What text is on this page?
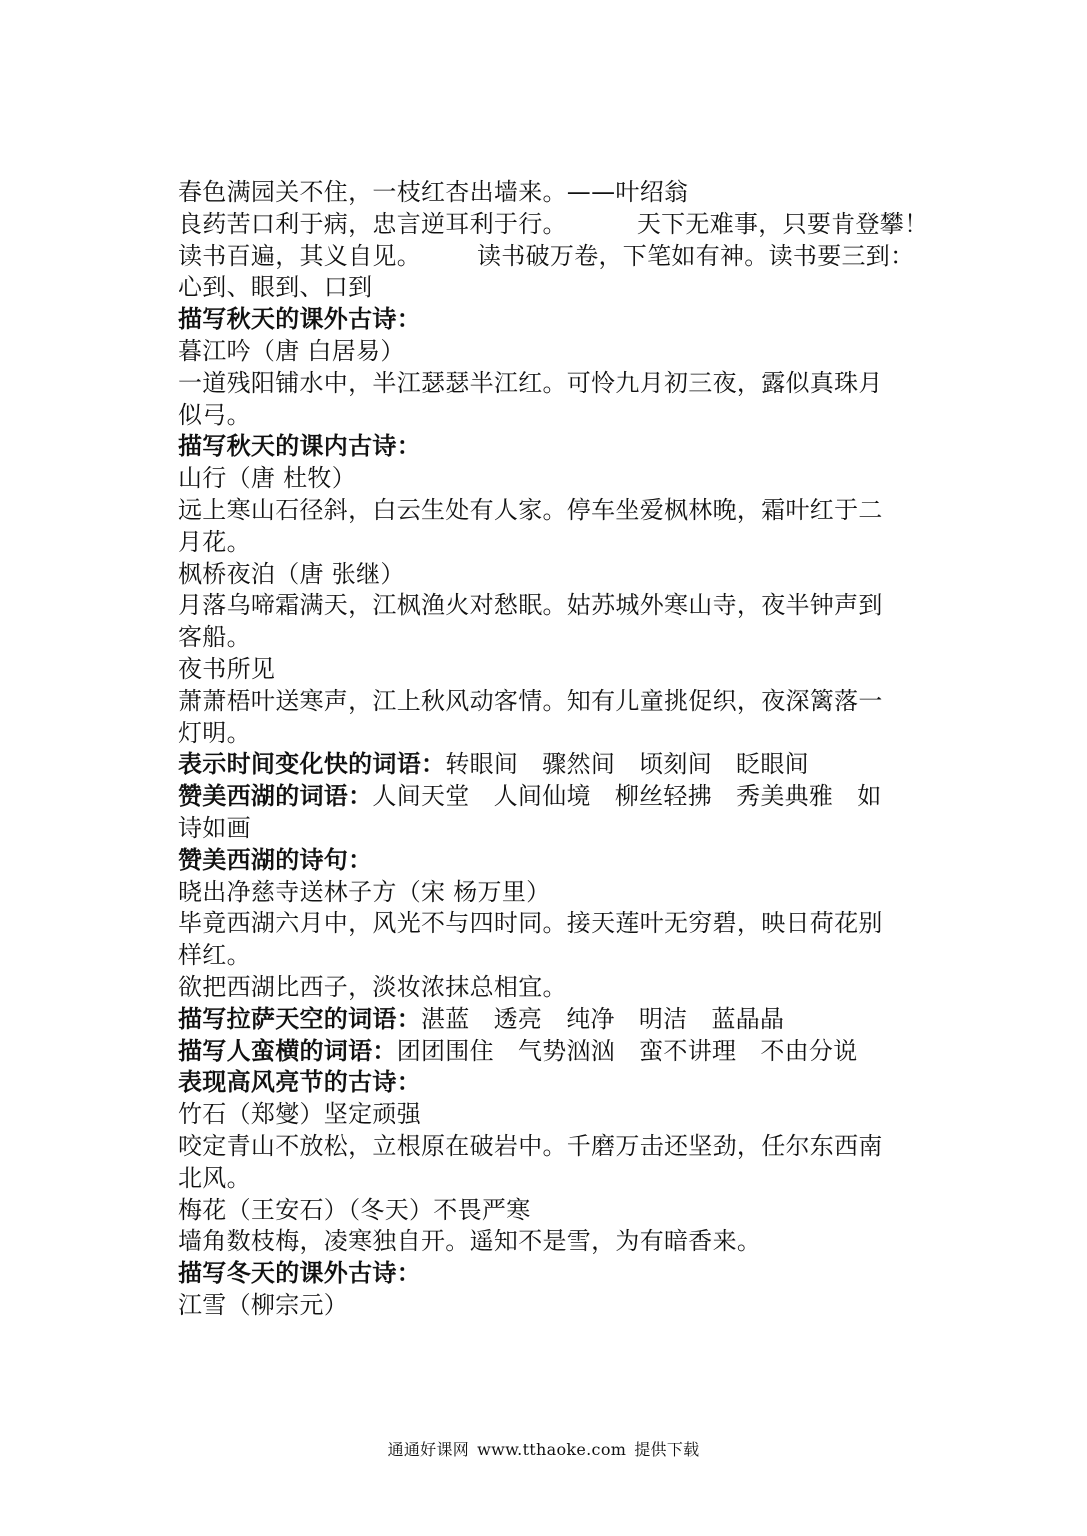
春色满园关不住，一枝红杏出墙来。——叶绍翁
良药苦口利于病，忠言逆耳利于行。	天下无难事，只要肯登攀！
读书百遍，其义自见。 读书破万卷，下笔如有神。读书要三到：
心到、眼到、口到
描写秋天的课外古诗：
暮江吟（唐 白居易）
一道残阳铺水中，半江瑟瑟半江红。可怜九月初三夜，露似真珠月
似弓。
描写秋天的课内古诗：
山行（唐 杜牧）
远上寒山石径斜，白云生处有人家。停车坐爱枫林晚，霜叶红于二
月花。
枫桥夜泊（唐 张继）
月落乌啼霜满天，江枫渔火对愁眠。姑苏城外寒山寺，夜半钟声到
客船。
夜书所见
萧萧梧叶送寒声，江上秋风动客情。知有儿童挑促织，夜深篱落一
灯明。
表示时间变化快的词语：转眼间 骤然间 顷刻间 眨眼间
赞美西湖的词语：人间天堂 人间仙境 柳丝轻拂 秀美典雅 如
诗如画
赞美西湖的诗句：
晓出净慈寺送林子方（宋 杨万里）
毕竟西湖六月中，风光不与四时同。接天莲叶无穷碧，映日荷花别
样红。
欲把西湖比西子，淡妆浓抹总相宜。
描写拉萨天空的词语：湛蓝 透亮 纯净 明洁 蓝晶晶
描写人蛮横的词语：团团围住 气势汹汹 蛮不讲理 不由分说
表现高风亮节的古诗：
竹石（郑燮）坚定顽强
咬定青山不放松，立根原在破岩中。千磨万击还坚劲，任尔东西南
北风。
梅花（王安石）（冬天）不畏严寒
墙角数枝梅，凌寒独自开。遥知不是雪，为有暗香来。
描写冬天的课外古诗：
江雪（柳宗元）
通通好课网 www.tthaoke.com 提供下载
